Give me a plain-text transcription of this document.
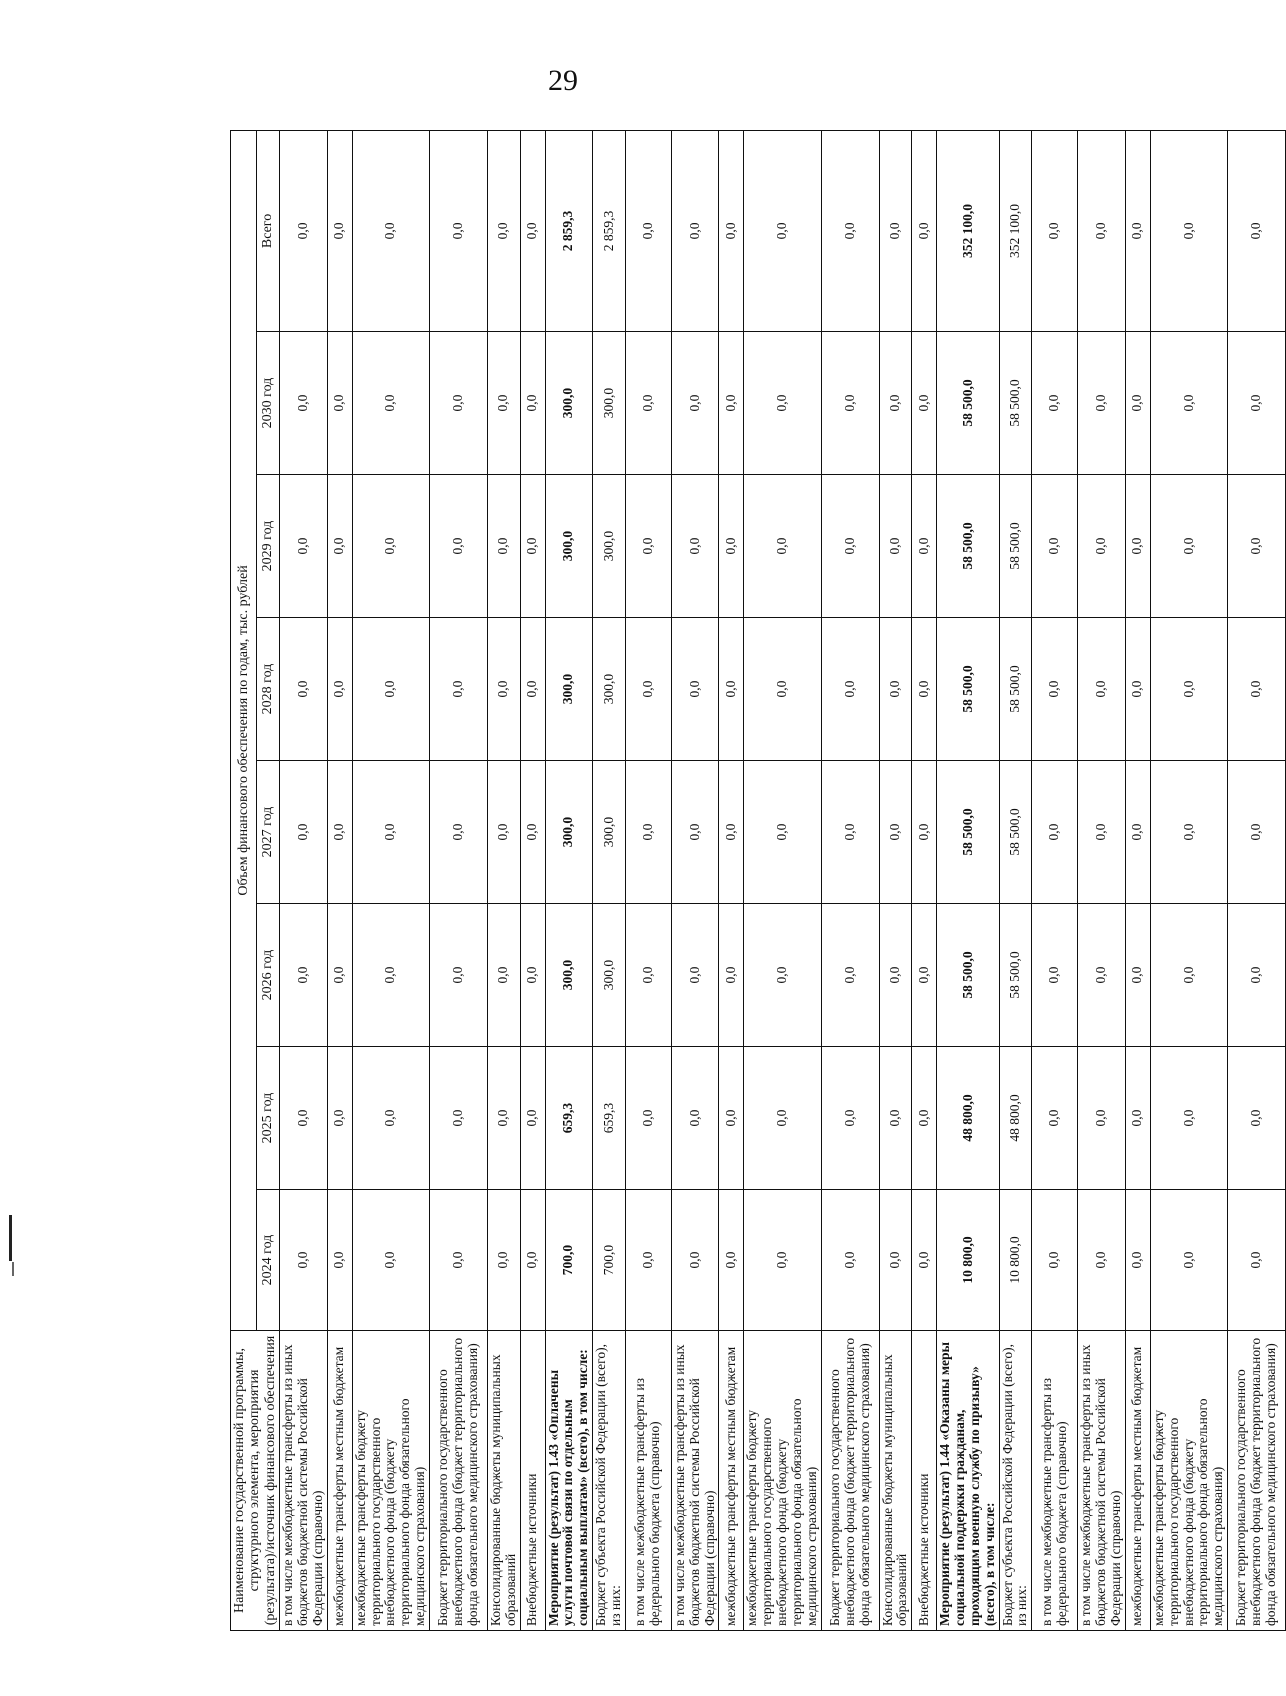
29
Наименование государственной программы, структурного элемента, мероприятия (результата)/источник финансового обеспечения	Объем финансового обеспечения по годам, тыс. рублей							
	2024 год	2025 год	2026 год	2027 год	2028 год	2029 год	2030 год	Всего
в том числе межбюджетные трансферты из иных бюджетов бюджетной системы Российской Федерации (справочно)	0,0	0,0	0,0	0,0	0,0	0,0	0,0	0,0
межбюджетные трансферты местным бюджетам	0,0	0,0	0,0	0,0	0,0	0,0	0,0	0,0
межбюджетные трансферты бюджету территориального государственного внебюджетного фонда (бюджету территориального фонда обязательного медицинского страхования)	0,0	0,0	0,0	0,0	0,0	0,0	0,0	0,0
Бюджет территориального государственного внебюджетного фонда (бюджет территориального фонда обязательного медицинского страхования)	0,0	0,0	0,0	0,0	0,0	0,0	0,0	0,0
Консолидированные бюджеты муниципальных образований	0,0	0,0	0,0	0,0	0,0	0,0	0,0	0,0
Внебюджетные источники	0,0	0,0	0,0	0,0	0,0	0,0	0,0	0,0
Мероприятие (результат) 1.43 «Оплачены услуги почтовой связи по отдельным социальным выплатам» (всего), в том числе:	700,0	659,3	300,0	300,0	300,0	300,0	300,0	2 859,3
Бюджет субъекта Российской Федерации (всего), из них:	700,0	659,3	300,0	300,0	300,0	300,0	300,0	2 859,3
в том числе межбюджетные трансферты из федерального бюджета (справочно)	0,0	0,0	0,0	0,0	0,0	0,0	0,0	0,0
в том числе межбюджетные трансферты из иных бюджетов бюджетной системы Российской Федерации (справочно)	0,0	0,0	0,0	0,0	0,0	0,0	0,0	0,0
межбюджетные трансферты местным бюджетам	0,0	0,0	0,0	0,0	0,0	0,0	0,0	0,0
межбюджетные трансферты бюджету территориального государственного внебюджетного фонда (бюджету территориального фонда обязательного медицинского страхования)	0,0	0,0	0,0	0,0	0,0	0,0	0,0	0,0
Бюджет территориального государственного внебюджетного фонда (бюджет территориального фонда обязательного медицинского страхования)	0,0	0,0	0,0	0,0	0,0	0,0	0,0	0,0
Консолидированные бюджеты муниципальных образований	0,0	0,0	0,0	0,0	0,0	0,0	0,0	0,0
Внебюджетные источники	0,0	0,0	0,0	0,0	0,0	0,0	0,0	0,0
Мероприятие (результат) 1.44 «Оказаны меры социальной поддержки гражданам, проходящим военную службу по призыву» (всего), в том числе:	10 800,0	48 800,0	58 500,0	58 500,0	58 500,0	58 500,0	58 500,0	352 100,0
Бюджет субъекта Российской Федерации (всего), из них:	10 800,0	48 800,0	58 500,0	58 500,0	58 500,0	58 500,0	58 500,0	352 100,0
в том числе межбюджетные трансферты из федерального бюджета (справочно)	0,0	0,0	0,0	0,0	0,0	0,0	0,0	0,0
в том числе межбюджетные трансферты из иных бюджетов бюджетной системы Российской Федерации (справочно)	0,0	0,0	0,0	0,0	0,0	0,0	0,0	0,0
межбюджетные трансферты местным бюджетам	0,0	0,0	0,0	0,0	0,0	0,0	0,0	0,0
межбюджетные трансферты бюджету территориального государственного внебюджетного фонда (бюджету территориального фонда обязательного медицинского страхования)	0,0	0,0	0,0	0,0	0,0	0,0	0,0	0,0
Бюджет территориального государственного внебюджетного фонда (бюджет территориального фонда обязательного медицинского страхования)	0,0	0,0	0,0	0,0	0,0	0,0	0,0	0,0
